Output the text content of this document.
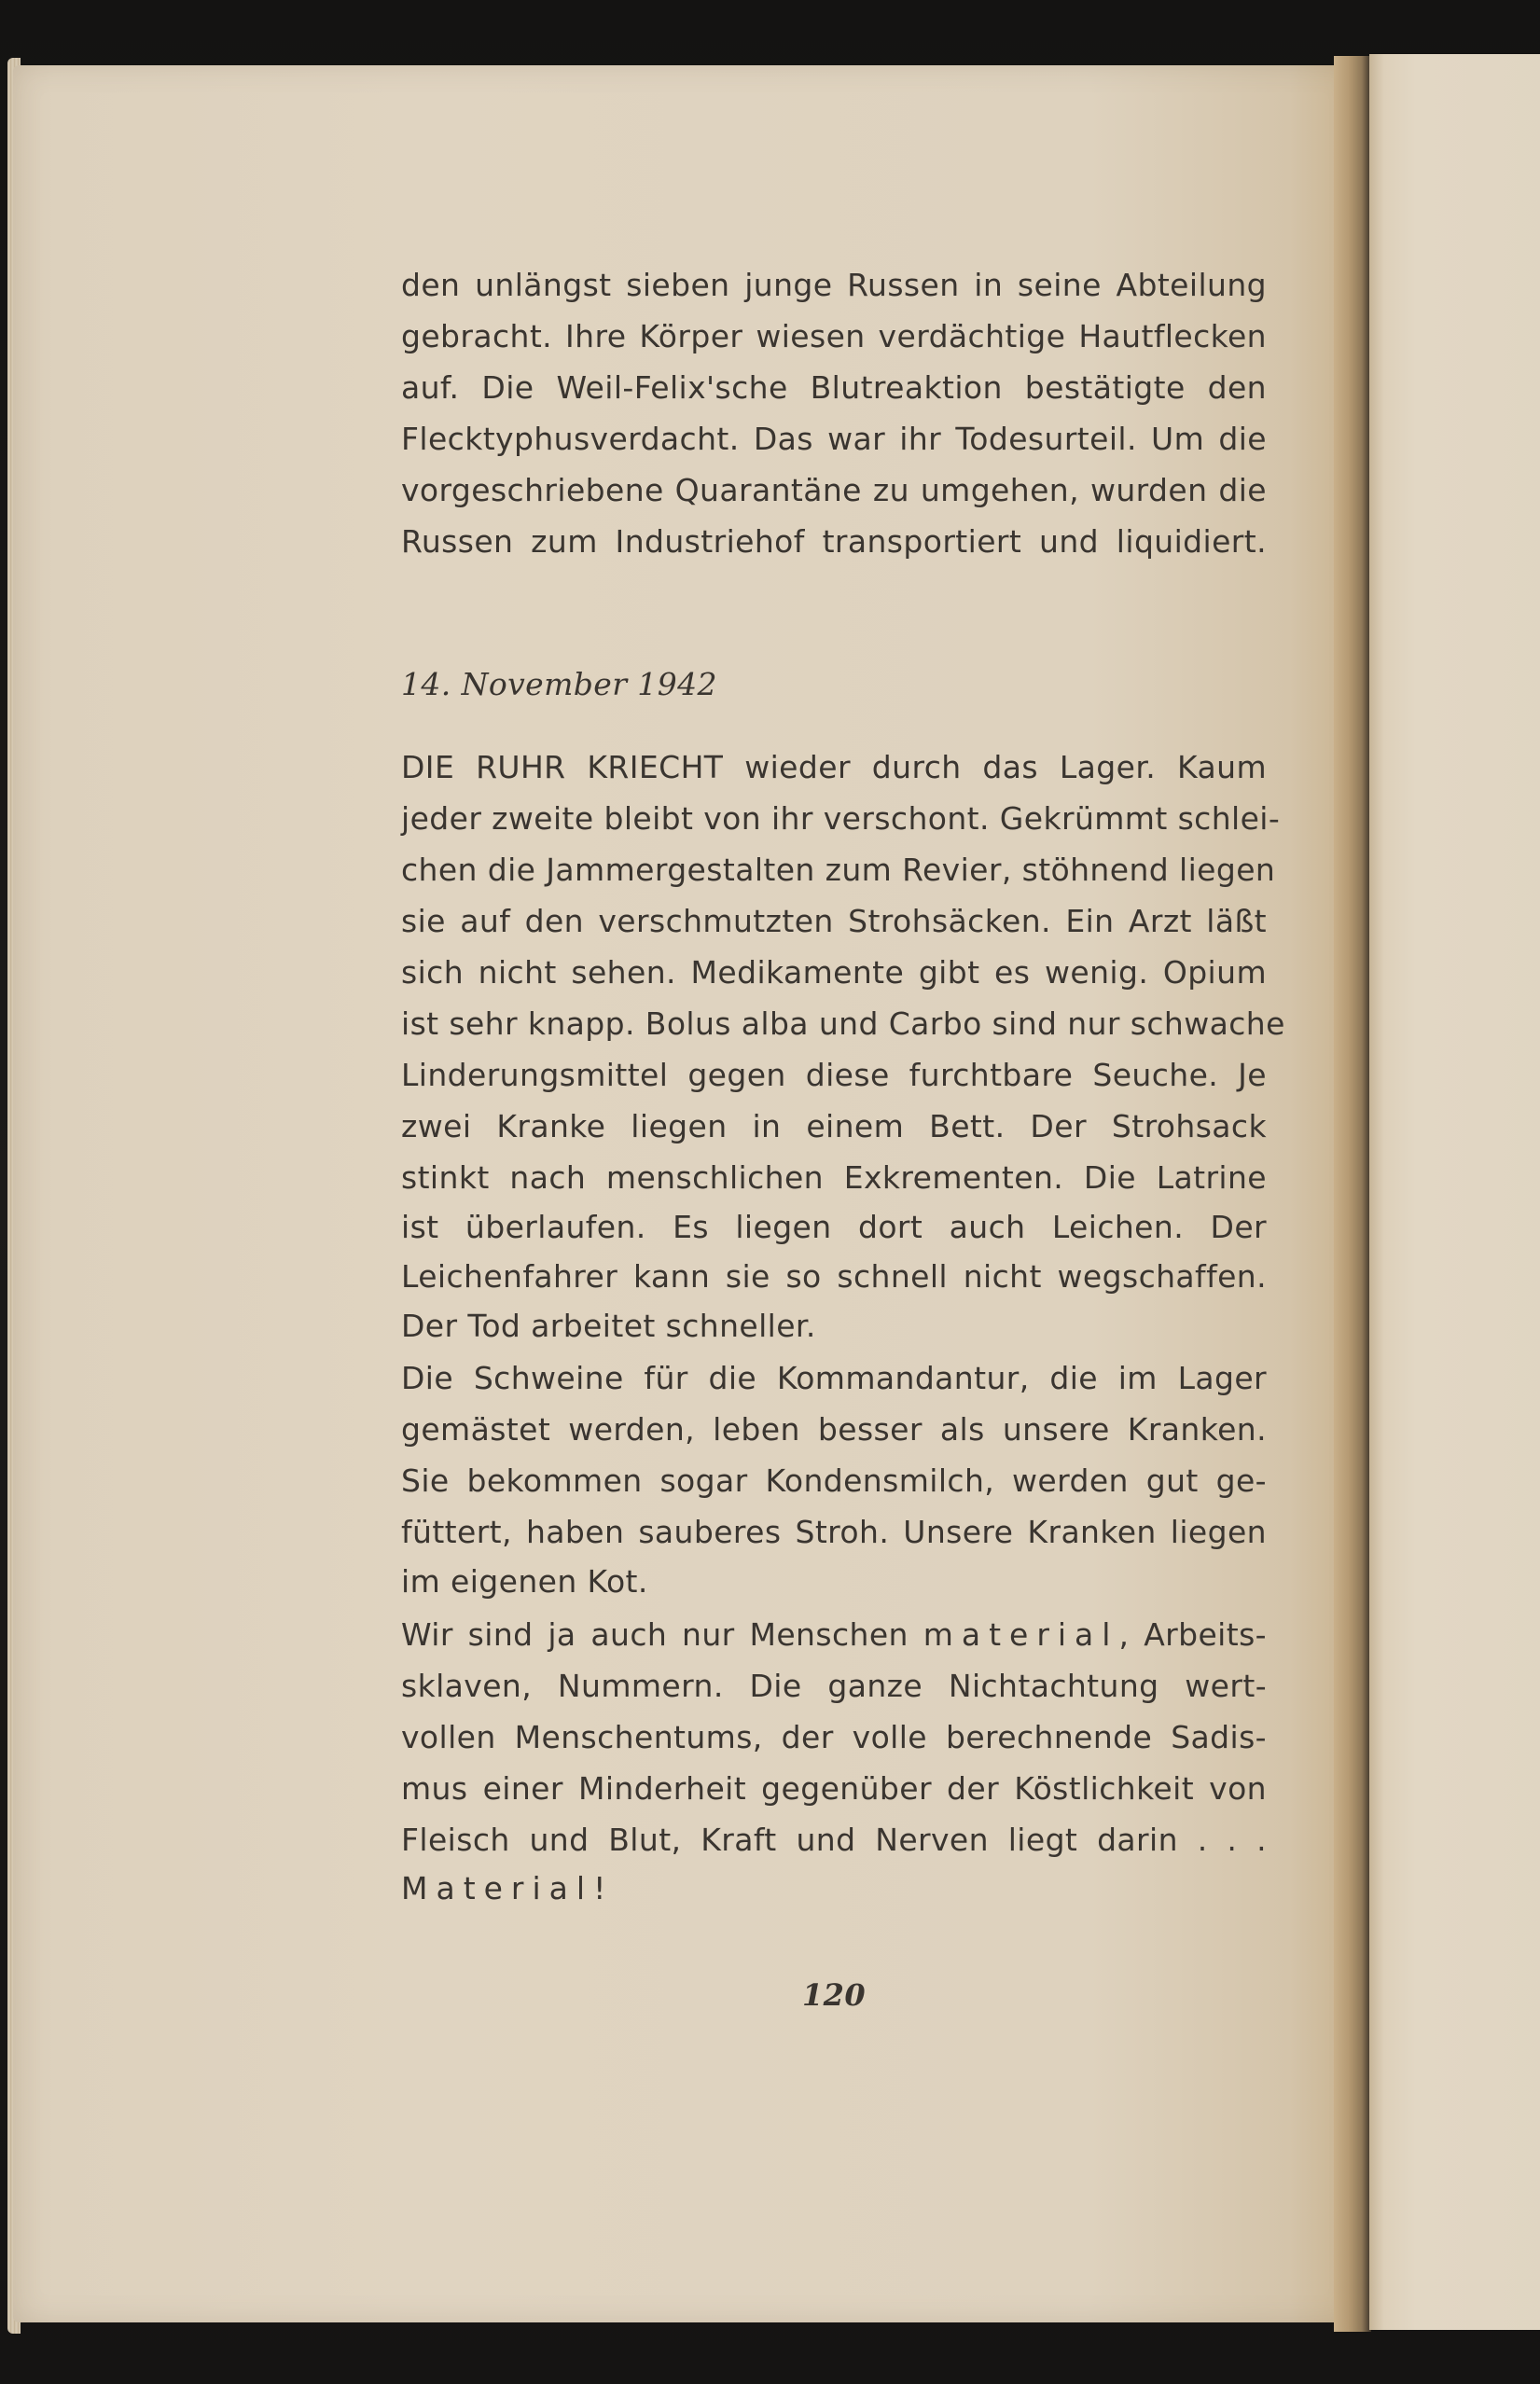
den unlängst sieben junge Russen in seine Abteilung
gebracht. Ihre Körper wiesen verdächtige Hautflecken
auf. Die Weil-Felix'sche Blutreaktion bestätigte den
Flecktyphusverdacht. Das war ihr Todesurteil. Um die
vorgeschriebene Quarantäne zu umgehen, wurden die
Russen zum Industriehof transportiert und liquidiert.
14. November 1942
DIE RUHR KRIECHT wieder durch das Lager. Kaum
jeder zweite bleibt von ihr verschont. Gekrümmt schlei-
chen die Jammergestalten zum Revier, stöhnend liegen
sie auf den verschmutzten Strohsäcken. Ein Arzt läßt
sich nicht sehen. Medikamente gibt es wenig. Opium
ist sehr knapp. Bolus alba und Carbo sind nur schwache
Linderungsmittel gegen diese furchtbare Seuche. Je
zwei Kranke liegen in einem Bett. Der Strohsack
stinkt nach menschlichen Exkrementen. Die Latrine
ist überlaufen. Es liegen dort auch Leichen. Der
Leichenfahrer kann sie so schnell nicht wegschaffen.
Der Tod arbeitet schneller.
Die Schweine für die Kommandantur, die im Lager
gemästet werden, leben besser als unsere Kranken.
Sie bekommen sogar Kondensmilch, werden gut ge-
füttert, haben sauberes Stroh. Unsere Kranken liegen
im eigenen Kot.
Wir sind ja auch nur Menschen material, Arbeits-
sklaven, Nummern. Die ganze Nichtachtung wert-
vollen Menschentums, der volle berechnende Sadis-
mus einer Minderheit gegenüber der Köstlichkeit von
Fleisch und Blut, Kraft und Nerven liegt darin . . .
Material!
120
